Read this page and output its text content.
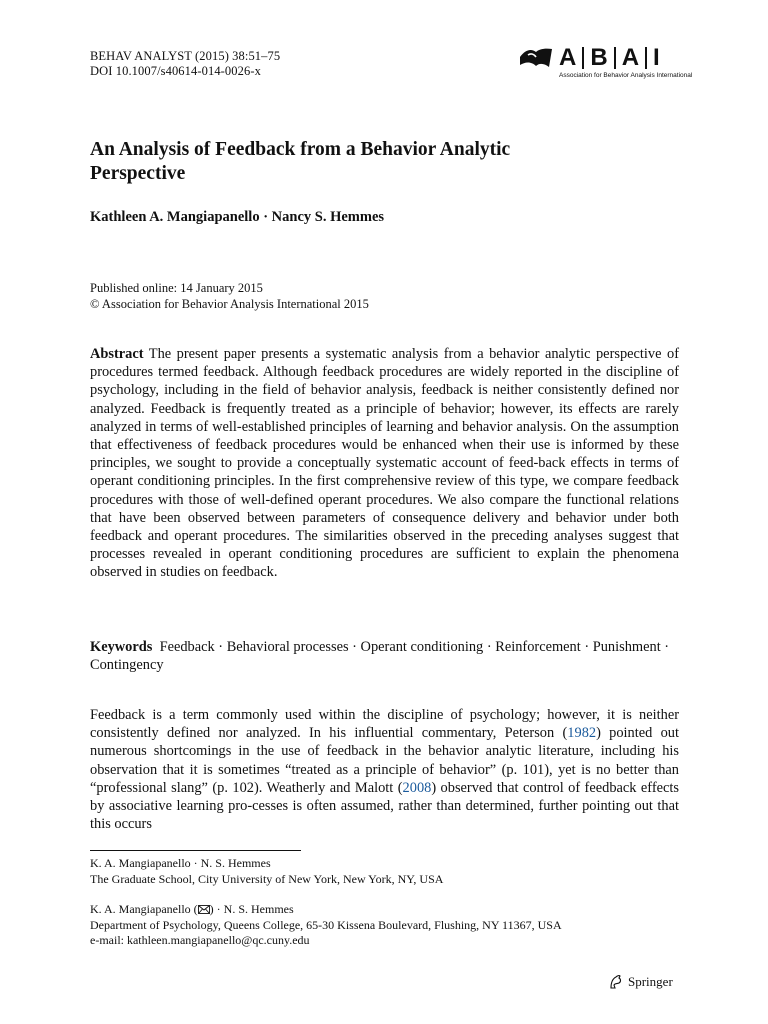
BEHAV ANALYST (2015) 38:51–75
DOI 10.1007/s40614-014-0026-x	A B A I
Association for Behavior Analysis International
An Analysis of Feedback from a Behavior Analytic Perspective
Kathleen A. Mangiapanello · Nancy S. Hemmes
Published online: 14 January 2015
© Association for Behavior Analysis International 2015
Abstract The present paper presents a systematic analysis from a behavior analytic perspective of procedures termed feedback. Although feedback procedures are widely reported in the discipline of psychology, including in the field of behavior analysis, feedback is neither consistently defined nor analyzed. Feedback is frequently treated as a principle of behavior; however, its effects are rarely analyzed in terms of well-established principles of learning and behavior analysis. On the assumption that effectiveness of feedback procedures would be enhanced when their use is informed by these principles, we sought to provide a conceptually systematic account of feed-back effects in terms of operant conditioning principles. In the first comprehensive review of this type, we compare feedback procedures with those of well-defined operant procedures. We also compare the functional relations that have been observed between parameters of consequence delivery and behavior under both feedback and operant procedures. The similarities observed in the preceding analyses suggest that processes revealed in operant conditioning procedures are sufficient to explain the phenomena observed in studies on feedback.
Keywords Feedback · Behavioral processes · Operant conditioning · Reinforcement · Punishment · Contingency
Feedback is a term commonly used within the discipline of psychology; however, it is neither consistently defined nor analyzed. In his influential commentary, Peterson (1982) pointed out numerous shortcomings in the use of feedback in the behavior analytic literature, including his observation that it is sometimes “treated as a principle of behavior” (p. 101), yet is no better than “professional slang” (p. 102). Weatherly and Malott (2008) observed that control of feedback effects by associative learning pro-cesses is often assumed, rather than determined, further pointing out that this occurs
K. A. Mangiapanello · N. S. Hemmes
The Graduate School, City University of New York, New York, NY, USA
K. A. Mangiapanello ( ) · N. S. Hemmes
Department of Psychology, Queens College, 65-30 Kissena Boulevard, Flushing, NY 11367, USA
e-mail: kathleen.mangiapanello@qc.cuny.edu
Springer
